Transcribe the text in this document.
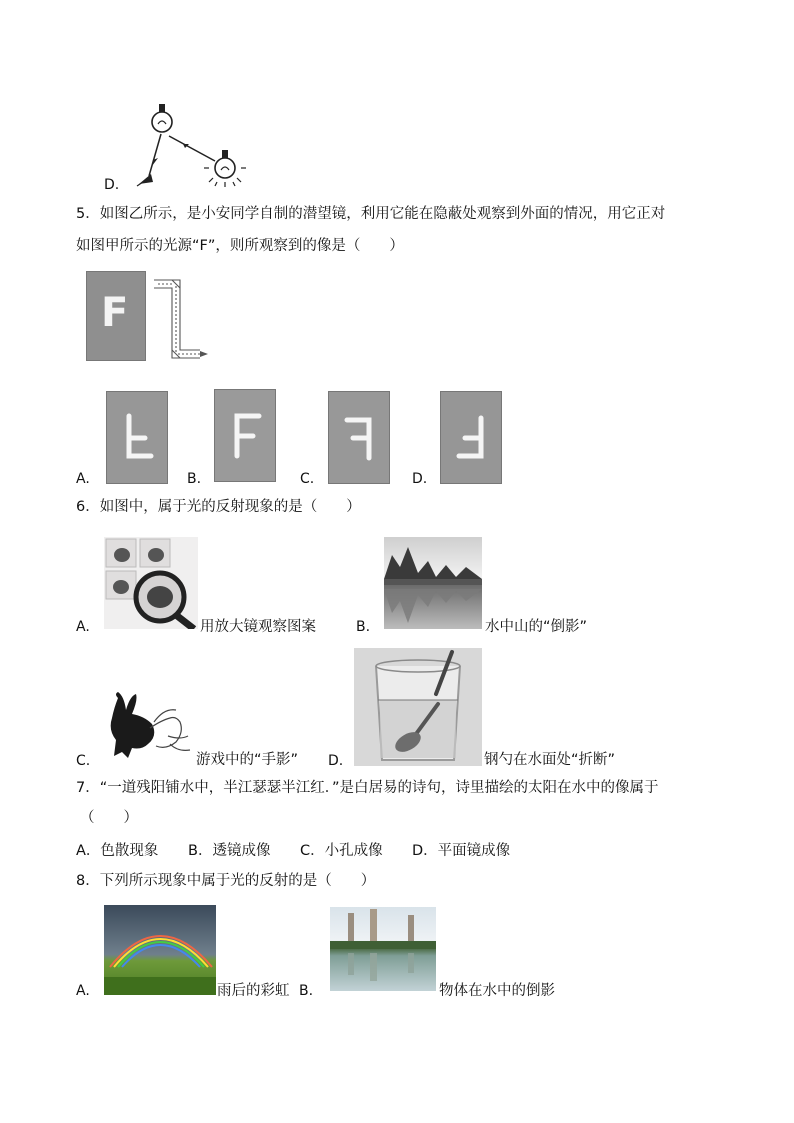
D.
5．如图乙所示，是小安同学自制的潜望镜，利用它能在隐蔽处观察到外面的情况，用它正对
如图甲所示的光源“F”，则所观察到的像是（　　）
F
A.	B.	C.	D.
6．如图中，属于光的反射现象的是（　　）
A.	用放大镜观察图案	B.	水中山的“倒影”
C.	游戏中的“手影” D.	钢勺在水面处“折断”
7．“一道残阳铺水中，半江瑟瑟半江红．”是白居易的诗句，诗里描绘的太阳在水中的像属于
（　　）
A．色散现象 B．透镜成像 C．小孔成像 D．平面镜成像
8．下列所示现象中属于光的反射的是（　　）
A.	雨后的彩虹 B.	物体在水中的倒影
